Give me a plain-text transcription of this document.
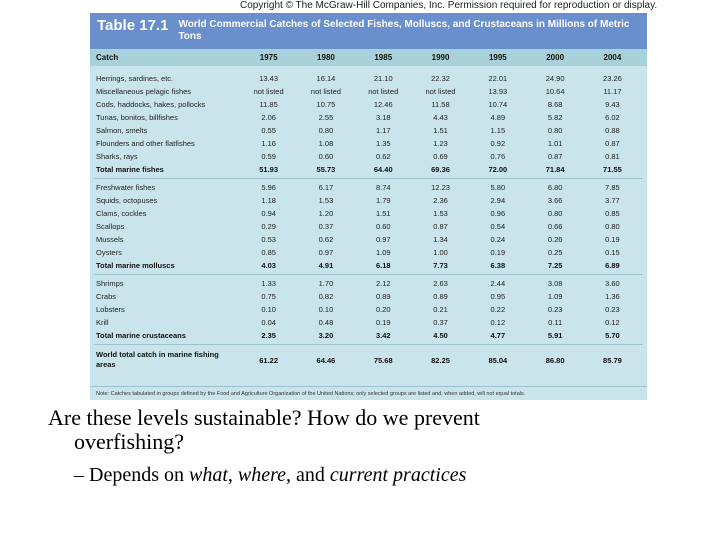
Copyright © The McGraw-Hill Companies, Inc. Permission required for reproduction or display.
Table 17.1	World Commercial Catches of Selected Fishes, Molluscs, and Crustaceans in Millions of Metric Tons
Catch	1975	1980	1985	1990	1995	2000	2004
Herrings, sardines, etc.	13.43	16.14	21.10	22.32	22.01	24.90	23.26
Miscellaneous pelagic fishes	not listed	not listed	not listed	not listed	13.93	10.64	11.17
Cods, haddocks, hakes, pollocks	11.85	10.75	12.46	11.58	10.74	8.68	9.43
Tunas, bonitos, billfishes	2.06	2.55	3.18	4.43	4.89	5.82	6.02
Salmon, smelts	0.55	0.80	1.17	1.51	1.15	0.80	0.88
Flounders and other flatfishes	1.16	1.08	1.35	1.23	0.92	1.01	0.87
Sharks, rays	0.59	0.60	0.62	0.69	0.76	0.87	0.81
Total marine fishes	51.93	55.73	64.40	69.36	72.00	71.84	71.55
Freshwater fishes	5.96	6.17	8.74	12.23	5.80	6.80	7.85
Squids, octopuses	1.18	1.53	1.79	2.36	2.94	3.66	3.77
Clams, cockles	0.94	1.20	1.51	1.53	0.96	0.80	0.85
Scallops	0.29	0.37	0.60	0.87	0.54	0.66	0.80
Mussels	0.53	0.62	0.97	1.34	0.24	0.26	0.19
Oysters	0.85	0.97	1.09	1.00	0.19	0.25	0.15
Total marine molluscs	4.03	4.91	6.18	7.73	6.38	7.25	6.89
Shrimps	1.33	1.70	2.12	2.63	2.44	3.08	3.60
Crabs	0.75	0.82	0.89	0.89	0.95	1.09	1.36
Lobsters	0.10	0.10	0.20	0.21	0.22	0.23	0.23
Krill	0.04	0.48	0.19	0.37	0.12	0.11	0.12
Total marine crustaceans	2.35	3.20	3.42	4.50	4.77	5.91	5.70
World total catch in marine fishing areas	61.22	64.46	75.68	82.25	85.04	86.80	85.79
Note: Catches tabulated in groups defined by the Food and Agriculture Organization of the United Nations; only selected groups are listed and, when added, will not equal totals.
Are these levels sustainable? How do we prevent
overfishing?
– Depends on what, where, and current practices
